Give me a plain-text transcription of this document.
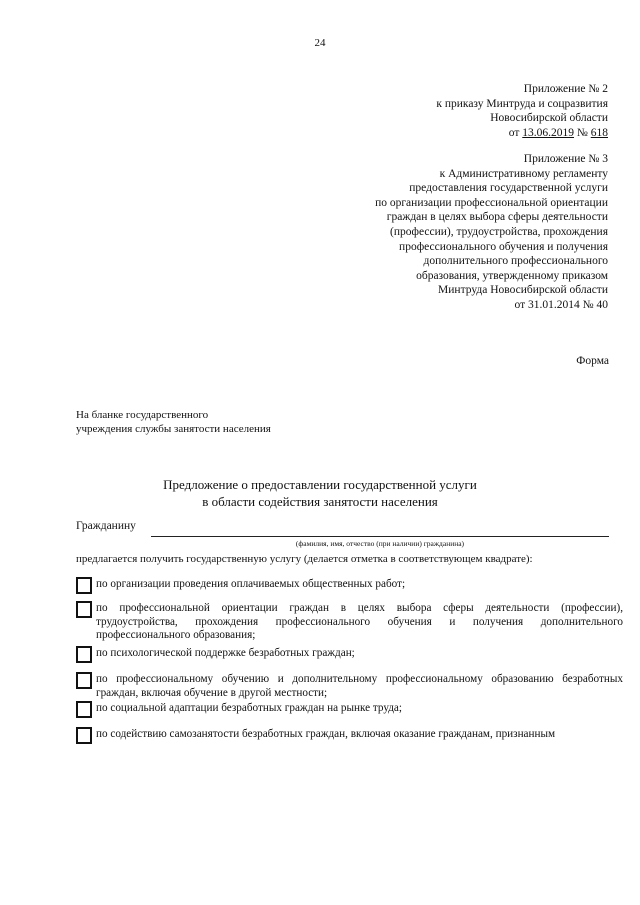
24
Приложение № 2
к приказу Минтруда и соцразвития
Новосибирской области
от 13.06.2019 № 618
Приложение № 3
к Административному регламенту
предоставления государственной услуги
по организации профессиональной ориентации
граждан в целях выбора сферы деятельности
(профессии), трудоустройства, прохождения
профессионального обучения и получения
дополнительного профессионального
образования, утвержденному приказом
Минтруда Новосибирской области
от 31.01.2014 № 40
Форма
На бланке государственного
учреждения службы занятости населения
Предложение о предоставлении государственной услуги
в области содействия занятости населения
Гражданину
(фамилия, имя, отчество (при наличии) гражданина)
предлагается получить государственную услугу (делается отметка в соответствующем квадрате):
по организации проведения оплачиваемых общественных работ;
по профессиональной ориентации граждан в целях выбора сферы деятельности (профессии), трудоустройства, прохождения профессионального обучения и получения дополнительного профессионального образования;
по психологической поддержке безработных граждан;
по профессиональному обучению и дополнительному профессиональному образованию безработных граждан, включая обучение в другой местности;
по социальной адаптации безработных граждан на рынке труда;
по содействию самозанятости безработных граждан, включая оказание гражданам, признанным
